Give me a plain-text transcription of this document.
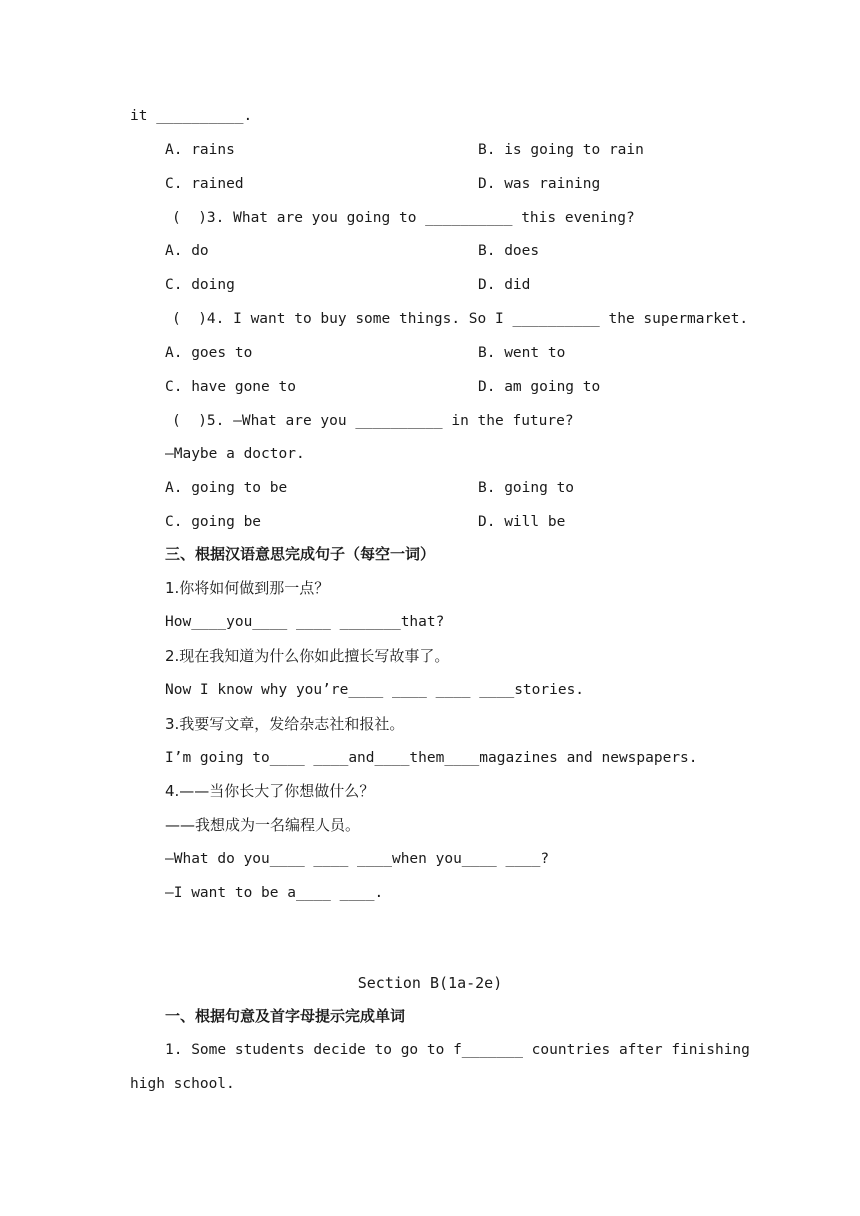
it __________.
A. rains	B. is going to rain
C. rained	D. was raining
(  )3. What are you going to __________ this evening?
A. do	B. does
C. doing	D. did
(  )4. I want to buy some things. So I __________ the supermarket.
A. goes to	B. went to
C. have gone to	D. am going to
(  )5. —What are you __________ in the future?
—Maybe a doctor.
A. going to be	B. going to
C. going be	D. will be
三、根据汉语意思完成句子（每空一词）
1.你将如何做到那一点？
How____you____ ____ _______that?
2.现在我知道为什么你如此擅长写故事了。
Now I know why you’re____ ____ ____ ____stories.
3.我要写文章，发给杂志社和报社。
I’m going to____ ____and____them____magazines and newspapers.
4.——当你长大了你想做什么？
——我想成为一名编程人员。
—What do you____ ____ ____when you____ ____?
—I want to be a____ ____.
Section B(1a-2e)
一、根据句意及首字母提示完成单词
1. Some students decide to go to f_______ countries after finishing
high school.
